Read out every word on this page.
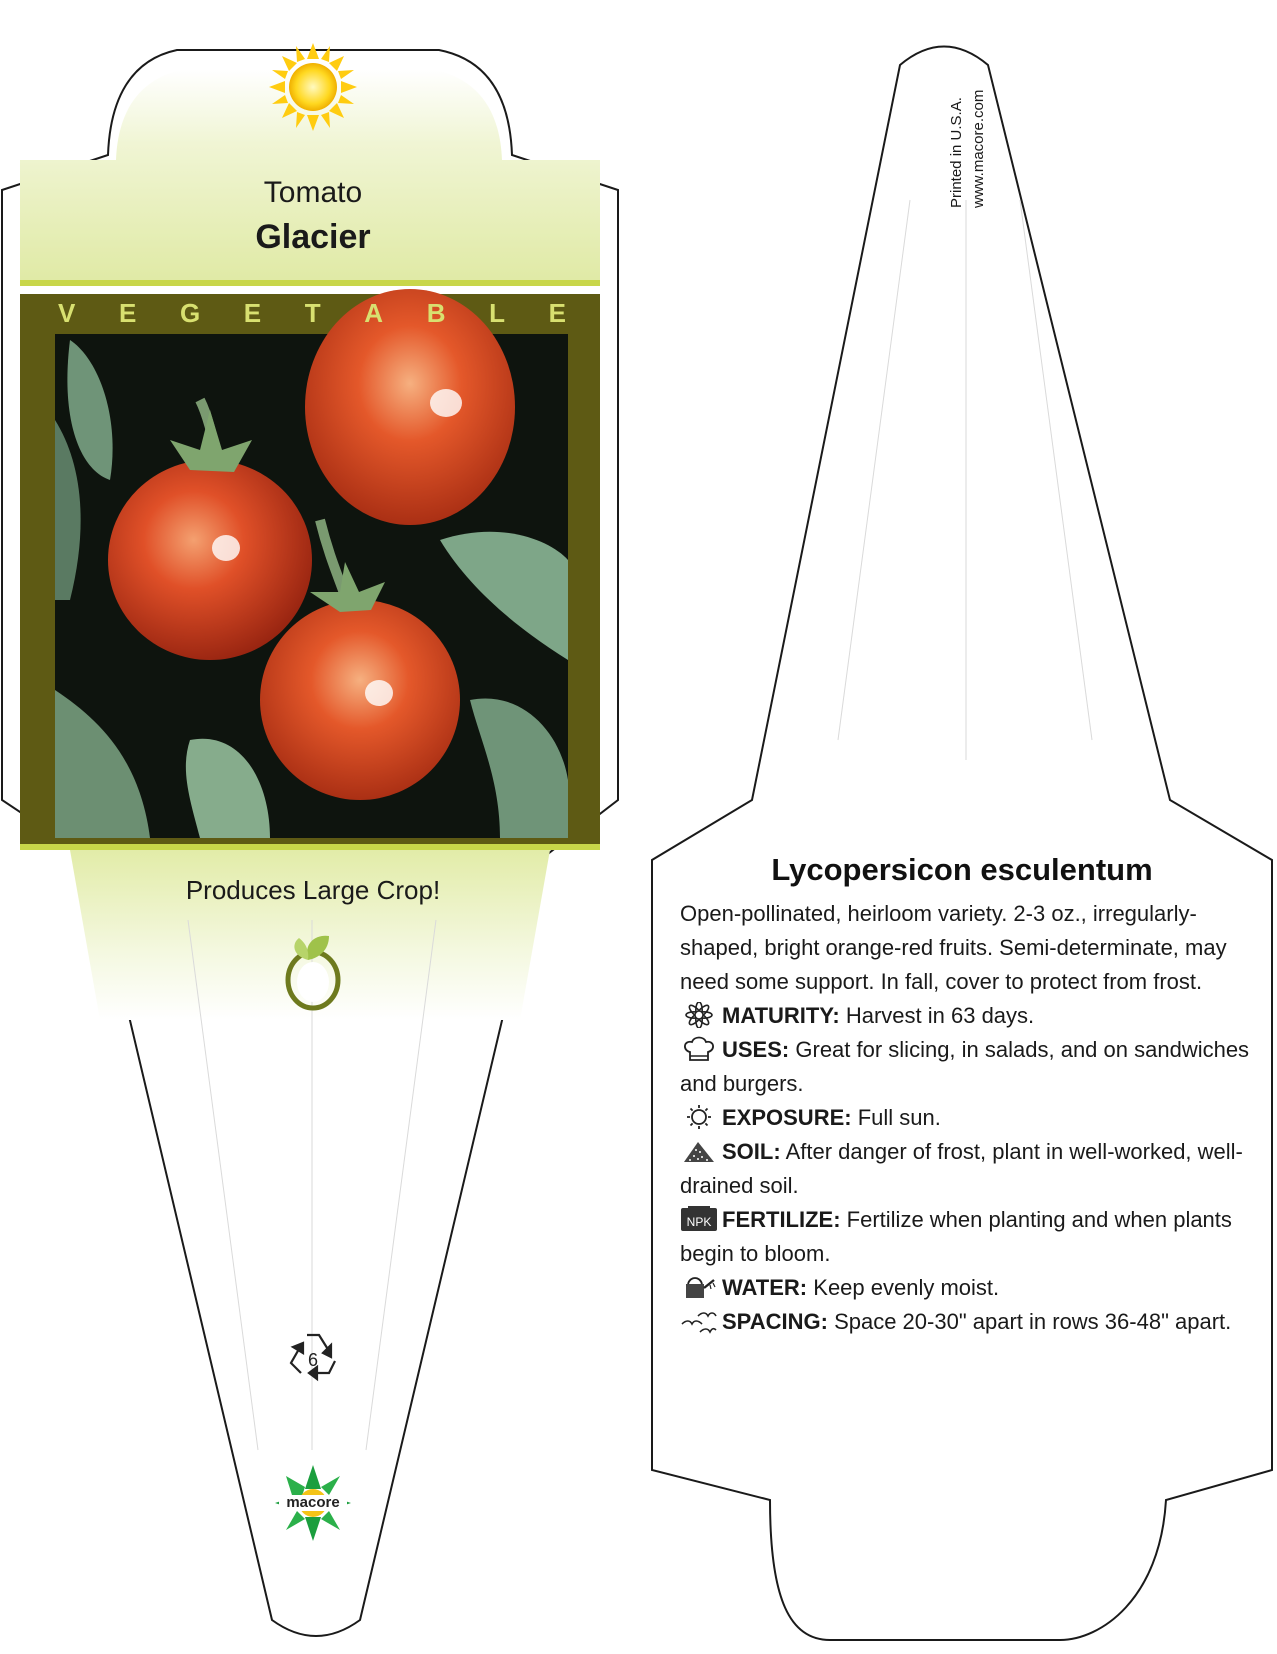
Tomato
Glacier
V E G E T A B L E
Produces Large Crop!
6
macore
Printed in U.S.A. www.macore.com
Lycopersicon esculentum

Open-pollinated, heirloom variety. 2-3 oz., irregularly-shaped, bright orange-red fruits. Semi-determinate, may need some support. In fall, cover to protect from frost.

MATURITY: Harvest in 63 days.

USES: Great for slicing, in salads, and on sandwiches and burgers.

EXPOSURE: Full sun.

SOIL: After danger of frost, plant in well-worked, well-drained soil.

NPK FERTILIZE: Fertilize when planting and when plants begin to bloom.

WATER: Keep evenly moist.

SPACING: Space 20-30" apart in rows 36-48" apart.
